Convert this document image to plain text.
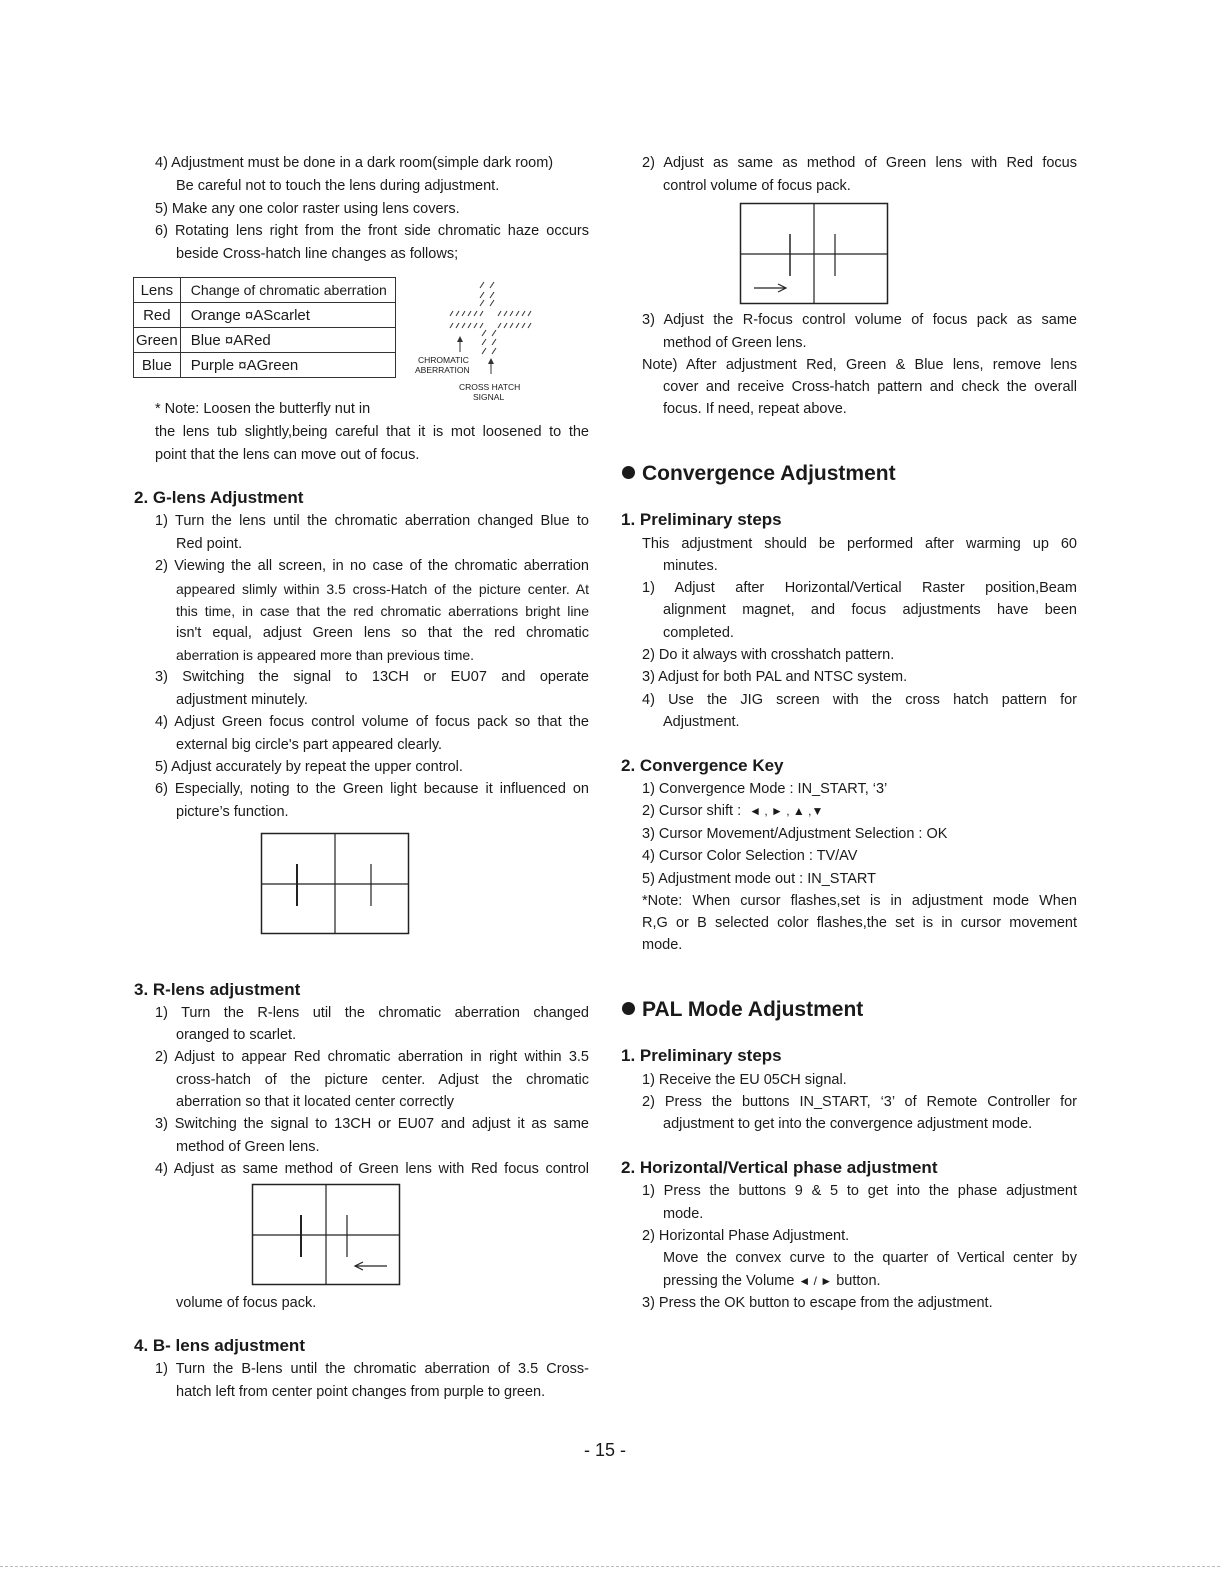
4) Adjustment must be done in a dark room(simple dark room)
Be careful not to touch the lens during adjustment.
5) Make any one color raster using lens covers.
6) Rotating lens right from the front side chromatic haze occurs
beside Cross-hatch line changes as follows;
Lens	Change of chromatic aberration
Red	Orange ¤AScarlet
Green	Blue ¤ARed
Blue	Purple ¤AGreen	CHROMATIC
ABERRATION
CROSS HATCH
SIGNAL
* Note: Loosen the butterfly nut in
the lens tub slightly,being careful that it is mot loosened to the
point that the lens can move out of focus.
2. G-lens Adjustment
1) Turn the lens until the chromatic aberration changed Blue to
Red point.
2) Viewing the all screen, in no case of the chromatic aberration
appeared slimly within 3.5 cross-Hatch of the picture center. At
this time, in case that the red chromatic aberrations bright line
isn't equal, adjust Green lens so that the red chromatic
aberration is appeared more than previous time.
3) Switching the signal to 13CH or EU07 and operate
adjustment minutely.
4) Adjust Green focus control volume of focus pack so that the
external big circle's part appeared clearly.
5) Adjust accurately by repeat the upper control.
6) Especially, noting to the Green light because it influenced on
picture’s function.
3. R-lens adjustment
1) Turn the R-lens util the chromatic aberration changed
oranged to scarlet.
2) Adjust to appear Red chromatic aberration in right within 3.5
cross-hatch of the picture center. Adjust the chromatic
aberration so that it located center correctly
3) Switching the signal to 13CH or EU07 and adjust it as same
method of Green lens.
4) Adjust as same method of Green lens with Red focus control
volume of focus pack.
4. B- lens adjustment
1) Turn the B-lens until the chromatic aberration of 3.5 Cross-
hatch left from center point changes from purple to green.
2) Adjust as same as method of Green lens with Red focus
control volume of focus pack.
3) Adjust the R-focus control volume of focus pack as same
method of Green lens.
Note) After adjustment Red, Green & Blue lens, remove lens
cover and receive Cross-hatch pattern and check the overall
focus. If need, repeat above.
Convergence Adjustment
1. Preliminary steps
This adjustment should be performed after warming up 60
minutes.
1) Adjust after Horizontal/Vertical Raster position,Beam
alignment magnet, and focus adjustments have been
completed.
2) Do it always with crosshatch pattern.
3) Adjust for both PAL and NTSC system.
4) Use the JIG screen with the cross hatch pattern for
Adjustment.
2. Convergence Key
1) Convergence Mode : IN_START, ‘3’
2) Cursor shift : ◄ , ► , ▲ ,▼
3) Cursor Movement/Adjustment Selection : OK
4) Cursor Color Selection : TV/AV
5) Adjustment mode out : IN_START
*Note: When cursor flashes,set is in adjustment mode When
R,G or B selected color flashes,the set is in cursor movement
mode.
PAL Mode Adjustment
1. Preliminary steps
1) Receive the EU 05CH signal.
2) Press the buttons IN_START, ‘3’ of Remote Controller for
adjustment to get into the convergence adjustment mode.
2. Horizontal/Vertical phase adjustment
1) Press the buttons 9 & 5 to get into the phase adjustment
mode.
2) Horizontal Phase Adjustment.
Move the convex curve to the quarter of Vertical center by
pressing the Volume ◄ / ► button.
3) Press the OK button to escape from the adjustment.
- 15 -
